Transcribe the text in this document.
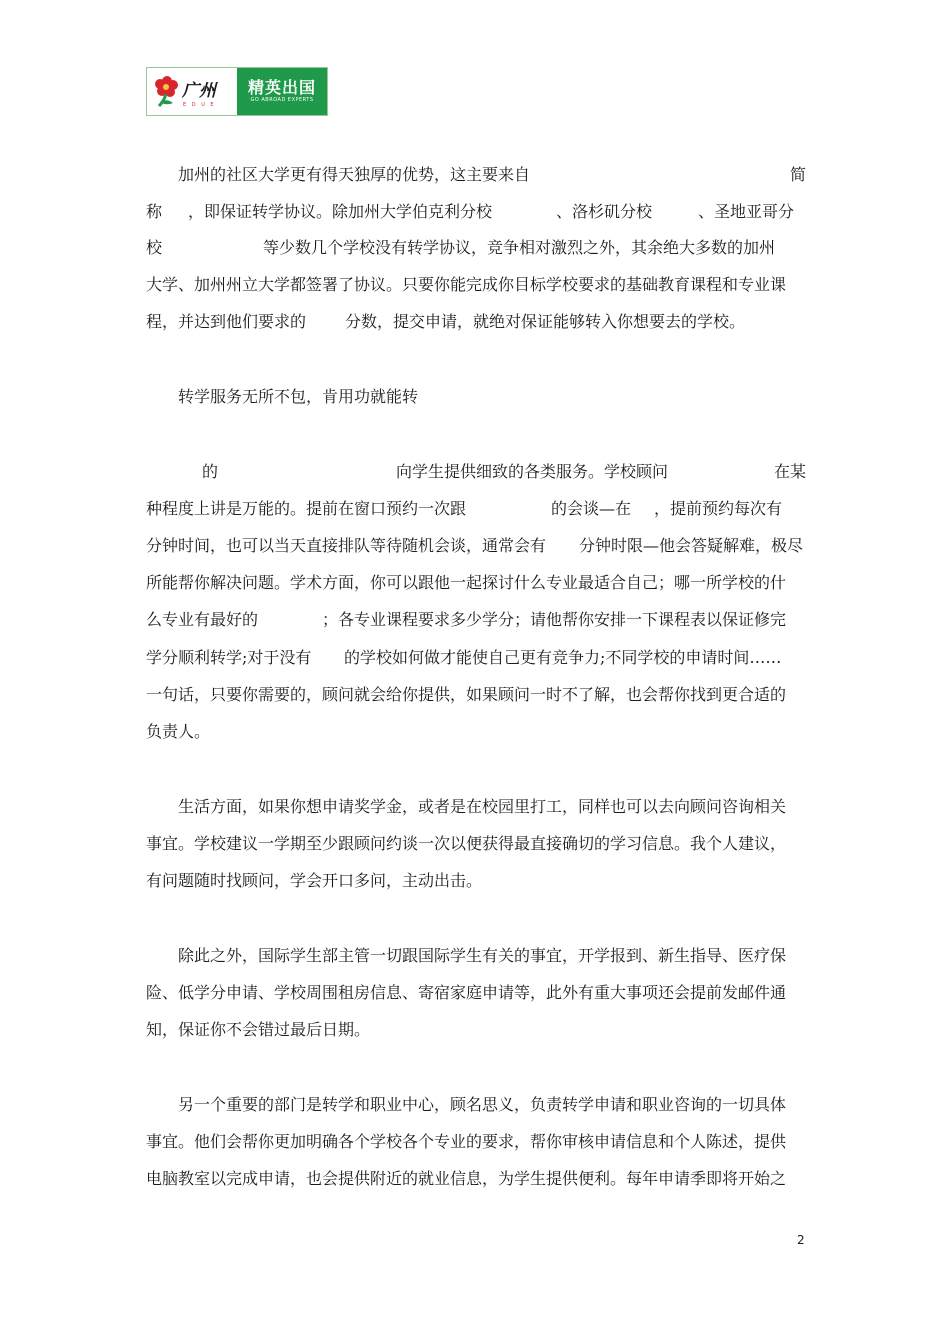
广州
E D U E
精英出国
GO ABROAD EXPERTS

加州的社区大学更有得天独厚的优势，这主要来自

	简

称

，即保证转学协议。除加州大学伯克利分校

	、洛杉矶分校

	、圣地亚哥分

校

	等少数几个学校没有转学协议，竞争相对激烈之外，其余绝大多数的加州

大学、加州州立大学都签署了协议。只要你能完成你目标学校要求的基础教育课程和专业课

程，并达到他们要求的

分数，提交申请，就绝对保证能够转入你想要去的学校。

转学服务无所不包，肯用功就能转

的

	向学生提供细致的各类服务。学校顾问

	在某

种程度上讲是万能的。提前在窗口预约一次跟

	的会谈—在

，提前预约每次有

分钟时间，也可以当天直接排队等待随机会谈，通常会有

分钟时限—他会答疑解难，极尽

所能帮你解决问题。学术方面，你可以跟他一起探讨什么专业最适合自己；哪一所学校的什

么专业有最好的

	；各专业课程要求多少学分；请他帮你安排一下课程表以保证修完

学分顺利转学;对于没有

的学校如何做才能使自己更有竞争力;不同学校的申请时间……

一句话，只要你需要的，顾问就会给你提供，如果顾问一时不了解，也会帮你找到更合适的

负责人。

生活方面，如果你想申请奖学金，或者是在校园里打工，同样也可以去向顾问咨询相关

事宜。学校建议一学期至少跟顾问约谈一次以便获得最直接确切的学习信息。我个人建议，

有问题随时找顾问，学会开口多问，主动出击。

除此之外，国际学生部主管一切跟国际学生有关的事宜，开学报到、新生指导、医疗保

险、低学分申请、学校周围租房信息、寄宿家庭申请等，此外有重大事项还会提前发邮件通

知，保证你不会错过最后日期。

另一个重要的部门是转学和职业中心，顾名思义，负责转学申请和职业咨询的一切具体

事宜。他们会帮你更加明确各个学校各个专业的要求，帮你审核申请信息和个人陈述，提供

电脑教室以完成申请，也会提供附近的就业信息，为学生提供便利。每年申请季即将开始之

2
